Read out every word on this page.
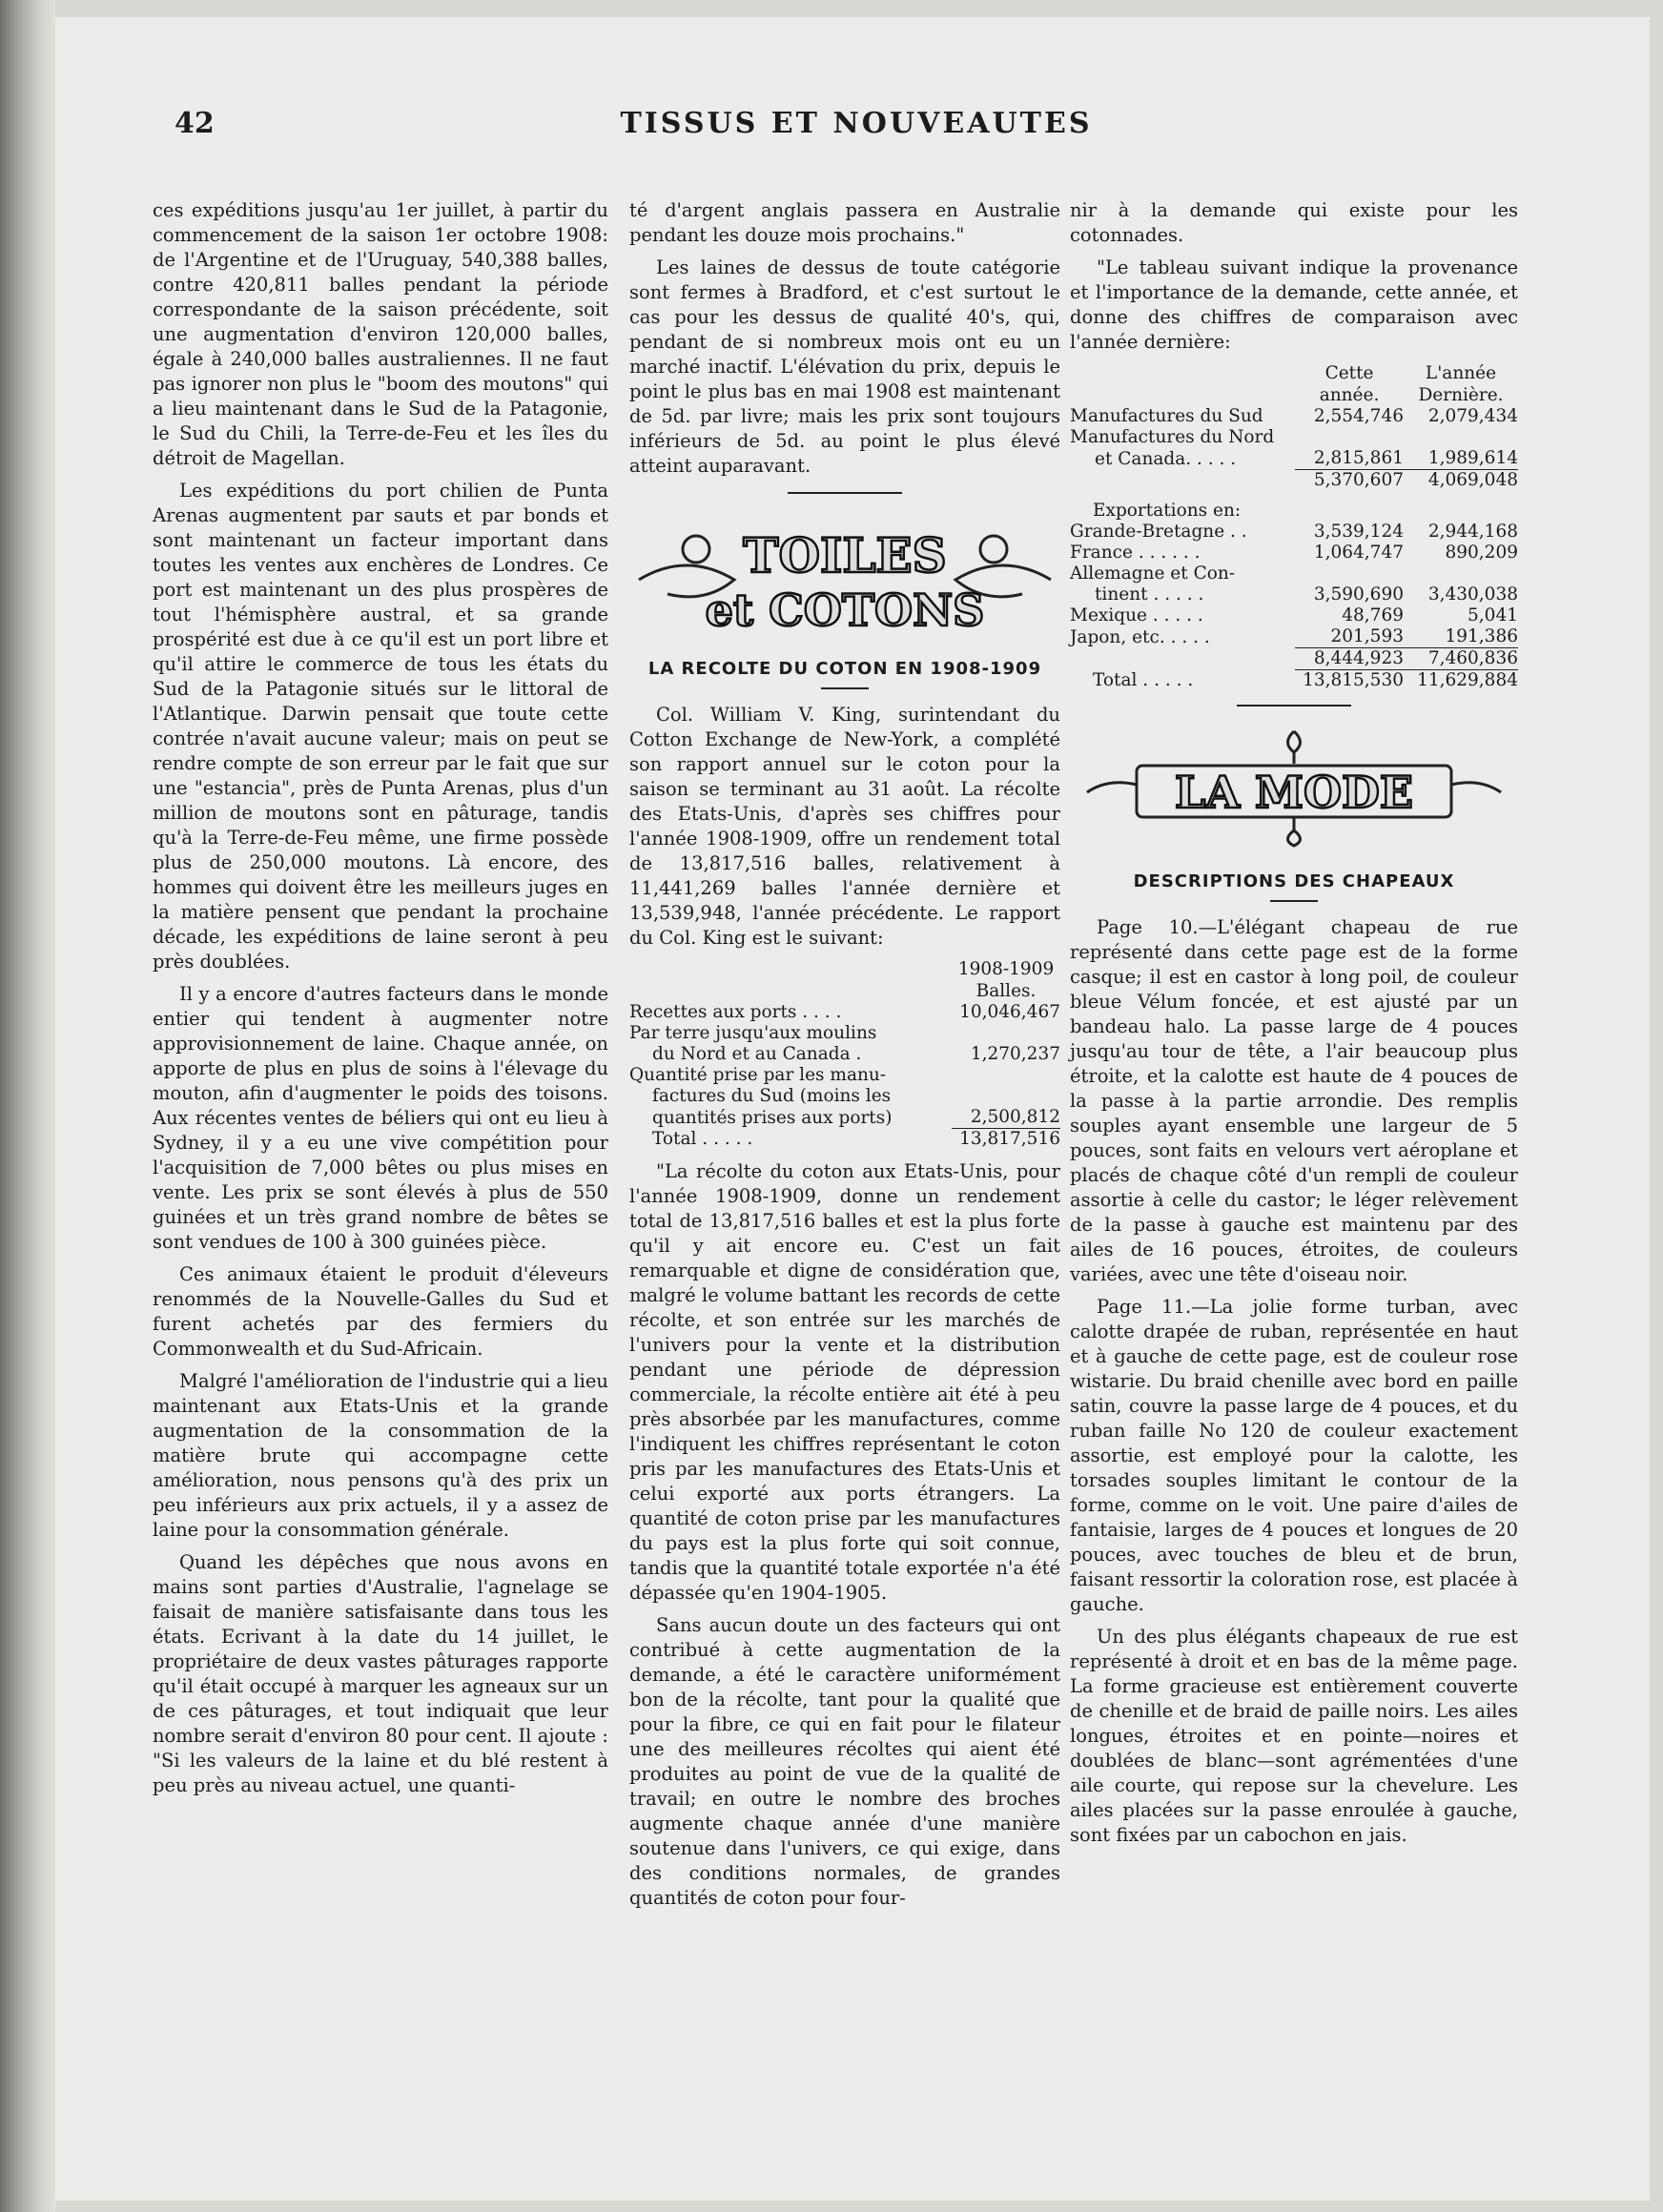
42	TISSUS ET NOUVEAUTES

ces expéditions jusqu'au 1er juillet, à partir du commencement de la saison 1er octobre 1908: de l'Argentine et de l'Uruguay, 540,388 balles, contre 420,811 balles pendant la période correspondante de la saison précédente, soit une augmentation d'environ 120,000 balles, égale à 240,000 balles australiennes. Il ne faut pas ignorer non plus le "boom des moutons" qui a lieu maintenant dans le Sud de la Patagonie, le Sud du Chili, la Terre-de-Feu et les îles du détroit de Magellan.

Les expéditions du port chilien de Punta Arenas augmentent par sauts et par bonds et sont maintenant un facteur important dans toutes les ventes aux enchères de Londres. Ce port est maintenant un des plus prospères de tout l'hémisphère austral, et sa grande prospérité est due à ce qu'il est un port libre et qu'il attire le commerce de tous les états du Sud de la Patagonie situés sur le littoral de l'Atlantique. Darwin pensait que toute cette contrée n'avait aucune valeur; mais on peut se rendre compte de son erreur par le fait que sur une "estancia", près de Punta Arenas, plus d'un million de moutons sont en pâturage, tandis qu'à la Terre-de-Feu même, une firme possède plus de 250,000 moutons. Là encore, des hommes qui doivent être les meilleurs juges en la matière pensent que pendant la prochaine décade, les expéditions de laine seront à peu près doublées.

Il y a encore d'autres facteurs dans le monde entier qui tendent à augmenter notre approvisionnement de laine. Chaque année, on apporte de plus en plus de soins à l'élevage du mouton, afin d'augmenter le poids des toisons. Aux récentes ventes de béliers qui ont eu lieu à Sydney, il y a eu une vive compétition pour l'acquisition de 7,000 bêtes ou plus mises en vente. Les prix se sont élevés à plus de 550 guinées et un très grand nombre de bêtes se sont vendues de 100 à 300 guinées pièce.

Ces animaux étaient le produit d'éleveurs renommés de la Nouvelle-Galles du Sud et furent achetés par des fermiers du Commonwealth et du Sud-Africain.

Malgré l'amélioration de l'industrie qui a lieu maintenant aux Etats-Unis et la grande augmentation de la consommation de la matière brute qui accompagne cette amélioration, nous pensons qu'à des prix un peu inférieurs aux prix actuels, il y a assez de laine pour la consommation générale.

Quand les dépêches que nous avons en mains sont parties d'Australie, l'agnelage se faisait de manière satisfaisante dans tous les états. Ecrivant à la date du 14 juillet, le propriétaire de deux vastes pâturages rapporte qu'il était occupé à marquer les agneaux sur un de ces pâturages, et tout indiquait que leur nombre serait d'environ 80 pour cent. Il ajoute : "Si les valeurs de la laine et du blé restent à peu près au niveau actuel, une quanti-

té d'argent anglais passera en Australie pendant les douze mois prochains."

Les laines de dessus de toute catégorie sont fermes à Bradford, et c'est surtout le cas pour les dessus de qualité 40's, qui, pendant de si nombreux mois ont eu un marché inactif. L'élévation du prix, depuis le point le plus bas en mai 1908 est maintenant de 5d. par livre; mais les prix sont toujours inférieurs de 5d. au point le plus élevé atteint auparavant.

TOILES
et COTONS
LA RECOLTE DU COTON EN 1908-1909

Col. William V. King, surintendant du Cotton Exchange de New-York, a complété son rapport annuel sur le coton pour la saison se terminant au 31 août. La récolte des Etats-Unis, d'après ses chiffres pour l'année 1908-1909, offre un rendement total de 13,817,516 balles, relativement à 11,441,269 balles l'année dernière et 13,539,948, l'année précédente. Le rapport du Col. King est le suivant:

	1908-1909
	Balles.
Recettes aux ports . . . .	10,046,467
Par terre jusqu'aux moulins	
du Nord et au Canada .	1,270,237
Quantité prise par les manu-	
factures du Sud (moins les	
quantités prises aux ports)	2,500,812
Total . . . . .	13,817,516

"La récolte du coton aux Etats-Unis, pour l'année 1908-1909, donne un rendement total de 13,817,516 balles et est la plus forte qu'il y ait encore eu. C'est un fait remarquable et digne de considération que, malgré le volume battant les records de cette récolte, et son entrée sur les marchés de l'univers pour la vente et la distribution pendant une période de dépression commerciale, la récolte entière ait été à peu près absorbée par les manufactures, comme l'indiquent les chiffres représentant le coton pris par les manufactures des Etats-Unis et celui exporté aux ports étrangers. La quantité de coton prise par les manufactures du pays est la plus forte qui soit connue, tandis que la quantité totale exportée n'a été dépassée qu'en 1904-1905.

Sans aucun doute un des facteurs qui ont contribué à cette augmentation de la demande, a été le caractère uniformément bon de la récolte, tant pour la qualité que pour la fibre, ce qui en fait pour le filateur une des meilleures récoltes qui aient été produites au point de vue de la qualité de travail; en outre le nombre des broches augmente chaque année d'une manière soutenue dans l'univers, ce qui exige, dans des conditions normales, de grandes quantités de coton pour four-

nir à la demande qui existe pour les cotonnades.

"Le tableau suivant indique la provenance et l'importance de la demande, cette année, et donne des chiffres de comparaison avec l'année dernière:

	Cette	L'année
	année.	Dernière.
Manufactures du Sud	2,554,746	2,079,434
Manufactures du Nord		
et Canada. . . . .	2,815,861	1,989,614
	5,370,607	4,069,048
Exportations en:		
Grande-Bretagne . .	3,539,124	2,944,168
France . . . . . .	1,064,747	890,209
Allemagne et Con-		
tinent . . . . .	3,590,690	3,430,038
Mexique . . . . .	48,769	5,041
Japon, etc. . . . .	201,593	191,386
	8,444,923	7,460,836
Total . . . . .	13,815,530	11,629,884
LA MODE
DESCRIPTIONS DES CHAPEAUX

Page 10.—L'élégant chapeau de rue représenté dans cette page est de la forme casque; il est en castor à long poil, de couleur bleue Vélum foncée, et est ajusté par un bandeau halo. La passe large de 4 pouces jusqu'au tour de tête, a l'air beaucoup plus étroite, et la calotte est haute de 4 pouces de la passe à la partie arrondie. Des remplis souples ayant ensemble une largeur de 5 pouces, sont faits en velours vert aéroplane et placés de chaque côté d'un rempli de couleur assortie à celle du castor; le léger relèvement de la passe à gauche est maintenu par des ailes de 16 pouces, étroites, de couleurs variées, avec une tête d'oiseau noir.

Page 11.—La jolie forme turban, avec calotte drapée de ruban, représentée en haut et à gauche de cette page, est de couleur rose wistarie. Du braid chenille avec bord en paille satin, couvre la passe large de 4 pouces, et du ruban faille No 120 de couleur exactement assortie, est employé pour la calotte, les torsades souples limitant le contour de la forme, comme on le voit. Une paire d'ailes de fantaisie, larges de 4 pouces et longues de 20 pouces, avec touches de bleu et de brun, faisant ressortir la coloration rose, est placée à gauche.

Un des plus élégants chapeaux de rue est représenté à droit et en bas de la même page. La forme gracieuse est entièrement couverte de chenille et de braid de paille noirs. Les ailes longues, étroites et en pointe—noires et doublées de blanc—sont agrémentées d'une aile courte, qui repose sur la chevelure. Les ailes placées sur la passe enroulée à gauche, sont fixées par un cabochon en jais.
